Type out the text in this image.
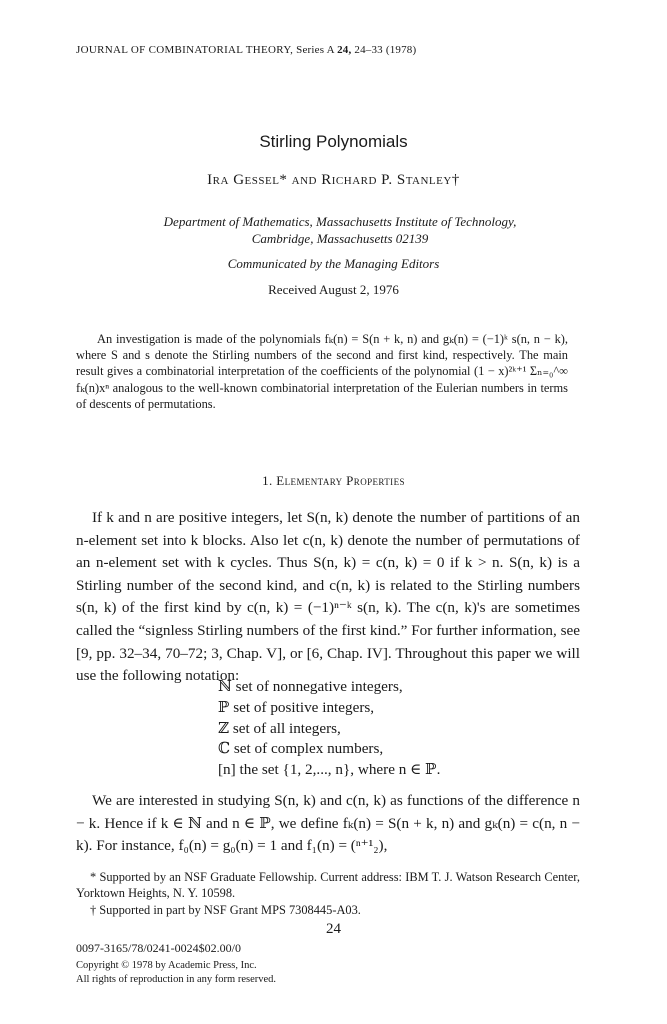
JOURNAL OF COMBINATORIAL THEORY, Series A 24, 24–33 (1978)
Stirling Polynomials
Ira Gessel* and Richard P. Stanley†
Department of Mathematics, Massachusetts Institute of Technology,
Cambridge, Massachusetts 02139
Communicated by the Managing Editors
Received August 2, 1976

An investigation is made of the polynomials fₖ(n) = S(n + k, n) and gₖ(n) = (−1)ᵏ s(n, n − k), where S and s denote the Stirling numbers of the second and first kind, respectively. The main result gives a combinatorial interpretation of the coefficients of the polynomial (1 − x)²ᵏ⁺¹ Σₙ₌₀^∞ fₖ(n)xⁿ analogous to the well-known combinatorial interpretation of the Eulerian numbers in terms of descents of permutations.

1. Elementary Properties

If k and n are positive integers, let S(n, k) denote the number of partitions of an n-element set into k blocks. Also let c(n, k) denote the number of permutations of an n-element set with k cycles. Thus S(n, k) = c(n, k) = 0 if k > n. S(n, k) is a Stirling number of the second kind, and c(n, k) is related to the Stirling numbers s(n, k) of the first kind by c(n, k) = (−1)ⁿ⁻ᵏ s(n, k). The c(n, k)'s are sometimes called the “signless Stirling numbers of the first kind.” For further information, see [9, pp. 32–34, 70–72; 3, Chap. V], or [6, Chap. IV]. Throughout this paper we will use the following notation:

ℕ set of nonnegative integers,
ℙ set of positive integers,
ℤ set of all integers,
ℂ set of complex numbers,
[n] the set {1, 2,..., n}, where n ∈ ℙ.

We are interested in studying S(n, k) and c(n, k) as functions of the difference n − k. Hence if k ∈ ℕ and n ∈ ℙ, we define fₖ(n) = S(n + k, n) and gₖ(n) = c(n, n − k). For instance, f₀(n) = g₀(n) = 1 and f₁(n) = (ⁿ⁺¹₂),

* Supported by an NSF Graduate Fellowship. Current address: IBM T. J. Watson Research Center, Yorktown Heights, N. Y. 10598.

† Supported in part by NSF Grant MPS 7308445-A03.

24
0097-3165/78/0241-0024$02.00/0
Copyright © 1978 by Academic Press, Inc.
All rights of reproduction in any form reserved.
